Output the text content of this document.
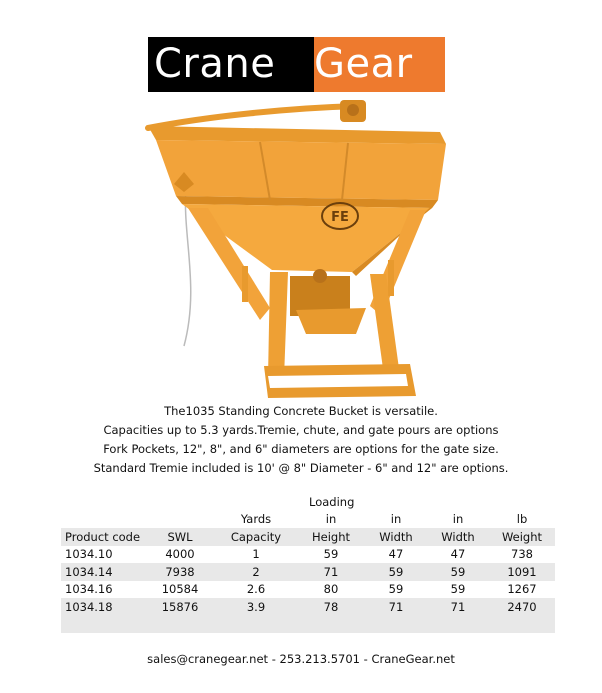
Crane Gear
FE
The1035 Standing Concrete Bucket is versatile.
Capacities up to 5.3 yards.Tremie, chute, and gate pours are options
Fork Pockets, 12", 8", and 6" diameters are options for the gate size.
Standard Tremie included is 10' @ 8" Diameter - 6" and 12" are options.
			Loading			
		Yards	in	in	in	lb
Product code	SWL	Capacity	Height	Width	Width	Weight
1034.10	4000	1	59	47	47	738
1034.14	7938	2	71	59	59	1091
1034.16	10584	2.6	80	59	59	1267
1034.18	15876	3.9	78	71	71	2470

sales@cranegear.net - 253.213.5701 - CraneGear.net
